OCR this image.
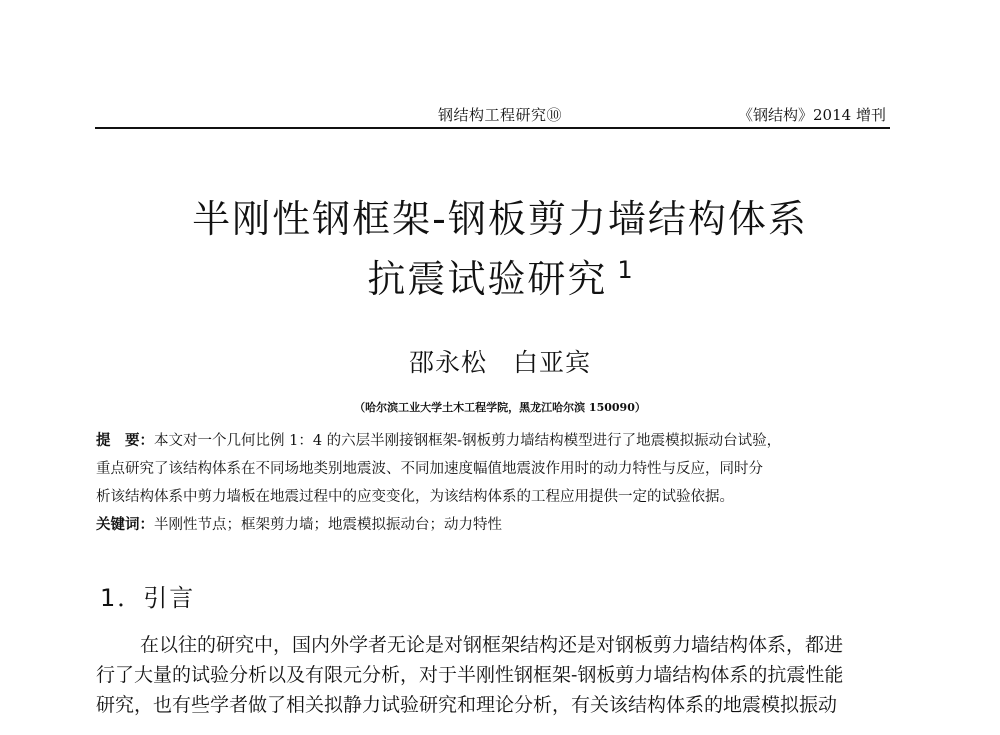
钢结构工程研究⑩	《钢结构》2014 增刊
半刚性钢框架-钢板剪力墙结构体系
抗震试验研究 $^1$
邵永松　白亚宾
（哈尔滨工业大学土木工程学院，黑龙江哈尔滨 150090）
提　要：本文对一个几何比例 1：4 的六层半刚接钢框架-钢板剪力墙结构模型进行了地震模拟振动台试验，
重点研究了该结构体系在不同场地类别地震波、不同加速度幅值地震波作用时的动力特性与反应，同时分
析该结构体系中剪力墙板在地震过程中的应变变化，为该结构体系的工程应用提供一定的试验依据。
关键词：半刚性节点；框架剪力墙；地震模拟振动台；动力特性
1．引言
在以往的研究中，国内外学者无论是对钢框架结构还是对钢板剪力墙结构体系，都进
行了大量的试验分析以及有限元分析，对于半刚性钢框架-钢板剪力墙结构体系的抗震性能
研究，也有些学者做了相关拟静力试验研究和理论分析，有关该结构体系的地震模拟振动
